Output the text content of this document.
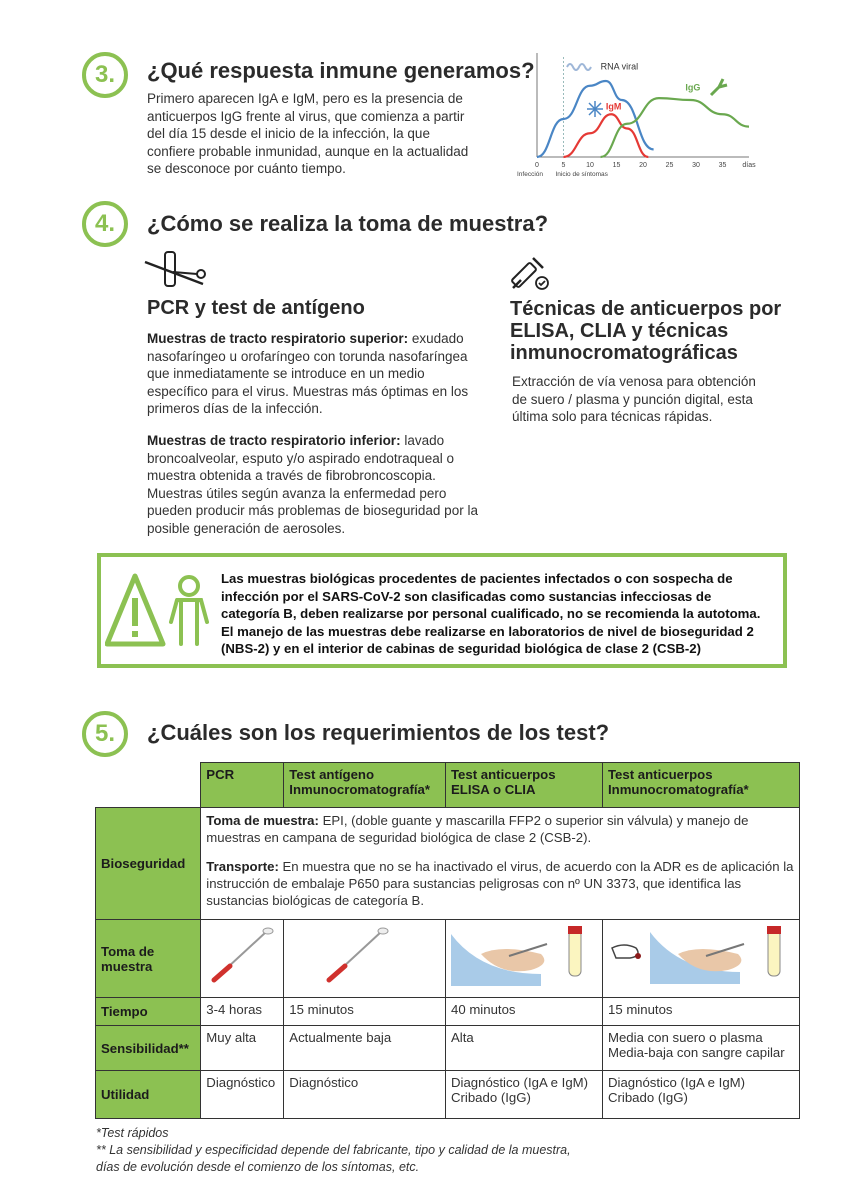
3. ¿Qué respuesta inmune generamos?
Primero aparecen IgA e IgM, pero es la presencia de anticuerpos IgG frente al virus, que comienza a partir del día 15 desde el inicio de la infección, la que confiere probable inmunidad, aunque en la actualidad se desconoce por cuánto tiempo.	0	5	10	15	20	25	30	35 días
Infección Inicio de síntomas
RNA viral
IgM
IgG
4. ¿Cómo se realiza la toma de muestra?
PCR y test de antígeno
Muestras de tracto respiratorio superior: exudado nasofaríngeo u orofaríngeo con torunda nasofaríngea que inmediatamente se introduce en un medio específico para el virus. Muestras más óptimas en los primeros días de la infección.
Muestras de tracto respiratorio inferior: lavado broncoalveolar, esputo y/o aspirado endotraqueal o muestra obtenida a través de fibrobroncoscopia. Muestras útiles según avanza la enfermedad pero pueden producir más problemas de bioseguridad por la posible generación de aerosoles.
Técnicas de anticuerpos por ELISA, CLIA y técnicas inmunocromatográficas
Extracción de vía venosa para obtención de suero / plasma y punción digital, esta última solo para técnicas rápidas.
Las muestras biológicas procedentes de pacientes infectados o con sospecha de infección por el SARS-CoV-2 son clasificadas como sustancias infecciosas de categoría B, deben realizarse por personal cualificado, no se recomienda la autotoma. El manejo de las muestras debe realizarse en laboratorios de nivel de bioseguridad 2 (NBS-2) y en el interior de cabinas de seguridad biológica de clase 2 (CSB-2)
5. ¿Cuáles son los requerimientos de los test?
	PCR	Test antígeno Inmunocromatografía*	Test anticuerpos ELISA o CLIA	Test anticuerpos Inmunocromatografía*
Bioseguridad	Toma de muestra: EPI, (doble guante y mascarilla FFP2 o superior sin válvula) y manejo de muestras en campana de seguridad biológica de clase 2 (CSB-2).
Transporte: En muestra que no se ha inactivado el virus, de acuerdo con la ADR es de aplicación la instrucción de embalaje P650 para sustancias peligrosas con nº UN 3373, que identifica las sustancias biológicas de categoría B.			
Toma de muestra				
Tiempo	3-4 horas	15 minutos	40 minutos	15 minutos
Sensibilidad**	Muy alta	Actualmente baja	Alta	Media con suero o plasma Media-baja con sangre capilar
Utilidad	Diagnóstico	Diagnóstico	Diagnóstico (IgA e IgM) Cribado (IgG)	Diagnóstico (IgA e IgM) Cribado (IgG)
*Test rápidos
** La sensibilidad y especificidad depende del fabricante, tipo y calidad de la muestra,
días de evolución desde el comienzo de los síntomas, etc.
